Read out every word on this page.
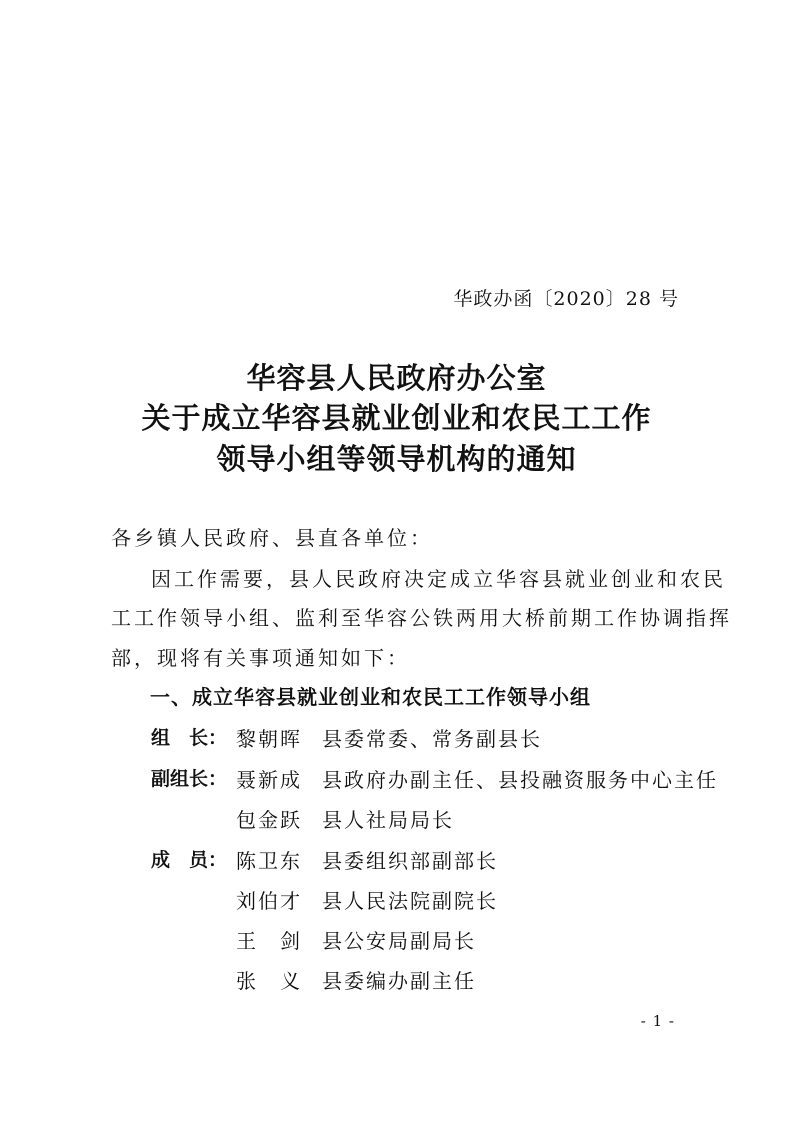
华政办函〔2020〕28 号
华容县人民政府办公室
关于成立华容县就业创业和农民工工作
领导小组等领导机构的通知
各乡镇人民政府、县直各单位：
因工作需要，县人民政府决定成立华容县就业创业和农民
工工作领导小组、监利至华容公铁两用大桥前期工作协调指挥
部，现将有关事项通知如下：
一、成立华容县就业创业和农民工工作领导小组
组　长： 黎朝晖 县委常委、常务副县长
副组长： 聂新成 县政府办副主任、县投融资服务中心主任
包金跃 县人社局局长
成　员： 陈卫东 县委组织部副部长
刘伯才 县人民法院副院长
王　剑 县公安局副局长
张　义 县委编办副主任
- 1 -
